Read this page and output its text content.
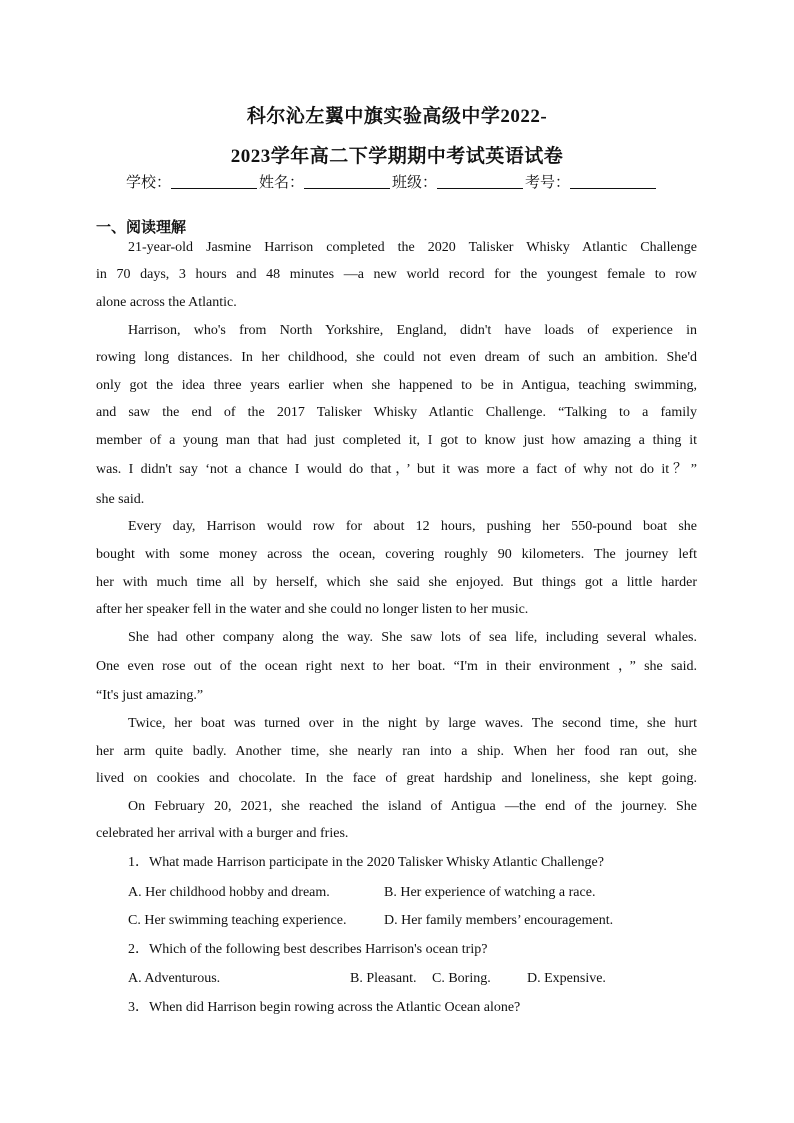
科尔沁左翼中旗实验高级中学2022-
2023学年高二下学期期中考试英语试卷
学校：	姓名：	班级：	考号：
一、阅读理解
21-year-old Jasmine Harrison completed the 2020 Talisker Whisky Atlantic Challenge
in 70 days, 3 hours and 48 minutes —a new world record for the youngest female to row
alone across the Atlantic.
Harrison, who's from North Yorkshire, England, didn't have loads of experience in
rowing long distances. In her childhood, she could not even dream of such an ambition. She'd
only got the idea three years earlier when she happened to be in Antigua, teaching swimming,
and saw the end of the 2017 Talisker Whisky Atlantic Challenge. “Talking to a family
member of a young man that had just completed it, I got to know just how amazing a thing it
was. I didn't say ‘not a chance I would do that，’ but it was more a fact of why not do it？”
she said.
Every day, Harrison would row for about 12 hours, pushing her 550-pound boat she
bought with some money across the ocean, covering roughly 90 kilometers. The journey left
her with much time all by herself, which she said she enjoyed. But things got a little harder
after her speaker fell in the water and she could no longer listen to her music.
She had other company along the way. She saw lots of sea life, including several whales.
One even rose out of the ocean right next to her boat. “I'm in their environment ，” she said.
“It's just amazing.”
Twice, her boat was turned over in the night by large waves. The second time, she hurt
her arm quite badly. Another time, she nearly ran into a ship. When her food ran out, she
lived on cookies and chocolate. In the face of great hardship and loneliness, she kept going.
On February 20, 2021, she reached the island of Antigua —the end of the journey. She
celebrated her arrival with a burger and fries.
1．What made Harrison participate in the 2020 Talisker Whisky Atlantic Challenge?
A. Her childhood hobby and dream.	B. Her experience of watching a race.
C. Her swimming teaching experience.	D. Her family members’ encouragement.
2．Which of the following best describes Harrison's ocean trip?
A. Adventurous.	B. Pleasant. C. Boring.	D. Expensive.
3．When did Harrison begin rowing across the Atlantic Ocean alone?
